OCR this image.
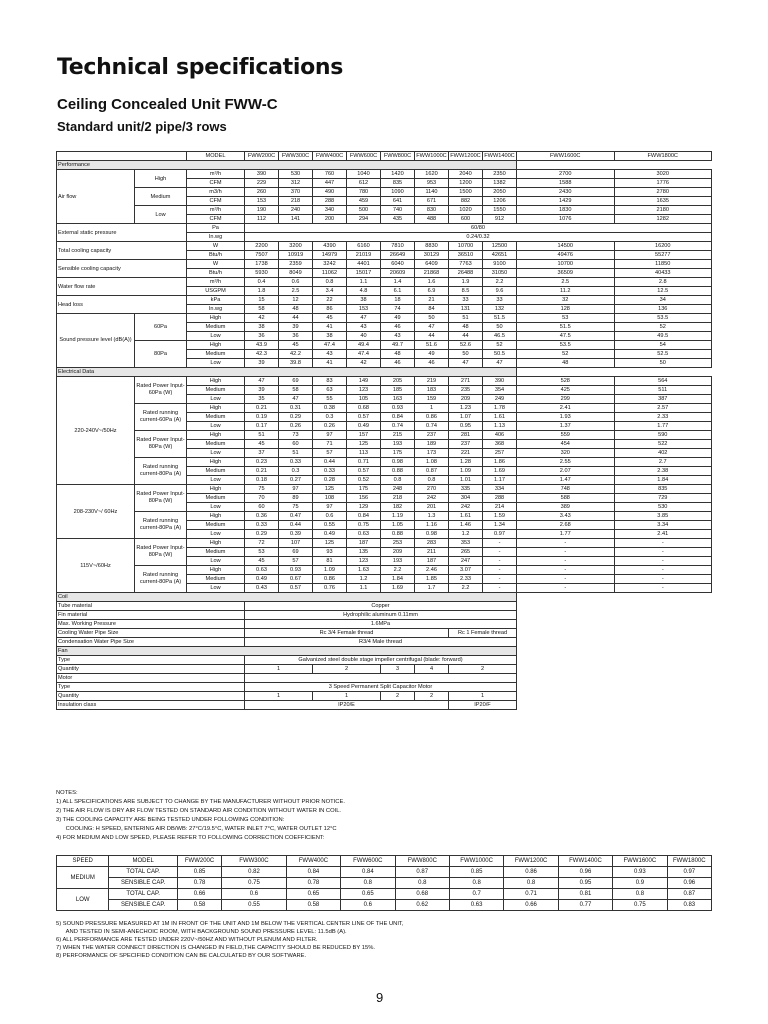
Technical specifications
Ceiling Concealed Unit FWW-C
Standard unit/2 pipe/3 rows
		MODEL	FWW200C	FWW300C	FWW400C	FWW600C	FWW800C	FWW1000C	FWW1200C	FWW1400C	FWW1600C	FWW1800C
Performance												
Air flow	High	m³/h	390	530	760	1040	1420	1620	2040	2350	2700	3020
		CFM	229	312	447	612	835	953	1200	1382	1588	1776
	Medium	m3/h	260	370	490	780	1090	1140	1500	2050	2430	2780
		CFM	153	218	288	459	641	671	882	1206	1429	1635
	Low	m³/h	190	240	340	500	740	830	1020	1550	1830	2180
		CFM	112	141	200	294	435	488	600	912	1076	1282
External static pressure		Pa	60/80									
		In.wg	0.24/0.32									
Total cooling capacity		W	2200	3200	4390	6160	7810	8830	10700	12500	14500	16200
		Btu/h	7507	10919	14979	21019	26649	30129	36510	42651	49476	55277
Sensible cooling capacity		W	1738	2359	3242	4401	6040	6409	7763	9100	10700	11850
		Btu/h	5930	8049	11062	15017	20609	21868	26488	31050	36509	40433
Water flow rate		m³/h	0.4	0.6	0.8	1.1	1.4	1.6	1.9	2.2	2.5	2.8
		USGPM	1.8	2.5	3.4	4.8	6.1	6.9	8.5	9.6	11.2	12.5
Head loss		kPa	15	12	22	38	18	21	33	33	32	34
		In.wg	58	48	86	153	74	84	131	132	128	136
Sound pressure level (dB(A))	60Pa	High	42	44	45	47	49	50	51	51.5	53	53.5
		Medium	38	39	41	43	46	47	48	50	51.5	52
		Low	36	36	38	40	43	44	44	46.5	47.5	49.5
	80Pa	High	43.9	45	47.4	49.4	49.7	51.6	52.6	52	53.5	54
		Medium	42.3	42.2	43	47.4	48	49	50	50.5	52	52.5
		Low	39	39.8	41	42	46	46	47	47	48	50
Electrical Data												
220-240V~/50Hz	Rated Power Input-60Pa (W)	High	47	69	83	149	205	219	271	390	528	564
		Medium	39	58	63	123	185	183	235	354	425	511
		Low	35	47	55	105	163	159	209	249	299	387
	Rated running current-60Pa (A)	High	0.21	0.31	0.38	0.68	0.93	1	1.23	1.78	2.41	2.57
		Medium	0.19	0.29	0.3	0.57	0.84	0.86	1.07	1.61	1.93	2.33
		Low	0.17	0.26	0.26	0.49	0.74	0.74	0.95	1.13	1.37	1.77
	Rated Power Input-80Pa (W)	High	51	73	97	157	215	237	281	406	559	590
		Medium	45	60	71	125	193	189	237	368	454	522
		Low	37	51	57	113	175	173	221	257	320	402
	Rated running current-80Pa (A)	High	0.23	0.33	0.44	0.71	0.98	1.08	1.28	1.86	2.55	2.7
		Medium	0.21	0.3	0.33	0.57	0.88	0.87	1.09	1.69	2.07	2.38
		Low	0.18	0.27	0.28	0.52	0.8	0.8	1.01	1.17	1.47	1.84
208-230V~/ 60Hz	Rated Power Input-80Pa (W)	High	75	97	125	175	248	270	335	334	748	835
		Medium	70	89	108	156	218	242	304	288	588	729
		Low	60	75	97	129	182	201	242	214	389	530
	Rated running current-80Pa (A)	High	0.36	0.47	0.6	0.84	1.19	1.3	1.61	1.59	3.43	3.85
		Medium	0.33	0.44	0.55	0.75	1.05	1.16	1.46	1.34	2.68	3.34
		Low	0.29	0.39	0.49	0.63	0.88	0.98	1.2	0.97	1.77	2.41
115V~/60Hz	Rated Power Input-80Pa (W)	High	72	107	125	187	253	283	353	-	-	-
		Medium	53	69	93	135	209	211	265	-	-	-
		Low	45	57	81	123	193	187	247	-	-	-
	Rated running current-80Pa (A)	High	0.63	0.93	1.09	1.63	2.2	2.46	3.07	-	-	-
		Medium	0.49	0.67	0.86	1.2	1.84	1.85	2.33	-	-	-
		Low	0.43	0.57	0.76	1.1	1.69	1.7	2.2	-	-	-
Coil												
Tube material			Copper									
Fin material			Hydrophilic aluminum 0.11mm									
Max. Working Pressure			1.6MPa									
Cooling Water Pipe Size			Rc 3/4 Female thread						Rc 1 Female thread			
Condensation Water Pipe Size			R3/4 Male thread									
Fan												
Type			Galvanized steel double stage impeller centrifugal (blade: forward)									
Quantity			1		2		3	4	2			
Motor												
Type			3 Speed Permanent Split Capacitor Motor									
Quantity			1		1		2	2	1			
Insulation class			IP20/E						IP20/F			

NOTES:

1) ALL SPECIFICATIONS ARE SUBJECT TO CHANGE BY THE MANUFACTURER WITHOUT PRIOR NOTICE.

2) THE AIR FLOW IS DRY AIR FLOW TESTED ON STANDARD AIR CONDITION WITHOUT WATER IN COIL.

3) THE COOLING CAPACITY ARE BEING TESTED UNDER FOLLOWING CONDITION:

COOLING: H SPEED, ENTERING AIR DB/WB: 27°C/19.5°C, WATER INLET 7°C, WATER OUTLET 12°C

4) FOR MEDIUM AND LOW SPEED, PLEASE REFER TO FOLLOWING CORRECTION COEFFICIENT:

SPEED	MODEL	FWW200C	FWW300C	FWW400C	FWW600C	FWW800C	FWW1000C	FWW1200C	FWW1400C	FWW1600C	FWW1800C
MEDIUM	TOTAL CAP.	0.85	0.82	0.84	0.84	0.87	0.85	0.86	0.96	0.93	0.97
	SENSIBLE CAP.	0.78	0.75	0.78	0.8	0.8	0.8	0.8	0.95	0.9	0.96
LOW	TOTAL CAP.	0.66	0.6	0.65	0.65	0.68	0.7	0.71	0.81	0.8	0.87
	SENSIBLE CAP.	0.58	0.55	0.58	0.6	0.62	0.63	0.66	0.77	0.75	0.83

5) SOUND PRESSURE MEASURED AT 1M IN FRONT OF THE UNIT AND 1M BELOW THE VERTICAL CENTER LINE OF THE UNIT,

AND TESTED IN SEMI-ANECHOIC ROOM, WITH BACKGROUND SOUND PRESSURE LEVEL: 11.5dB (A).

6) ALL PERFORMANCE ARE TESTED UNDER 220V~/50HZ AND WITHOUT PLENUM AND FILTER.

7) WHEN THE WATER CONNECT DIRECTION IS CHANGED IN FIELD,THE CAPACITY SHOULD BE REDUCED BY 15%.

8) PERFORMANCE OF SPECIFIED CONDITION CAN BE CALCULATED BY OUR SOFTWARE.

9
